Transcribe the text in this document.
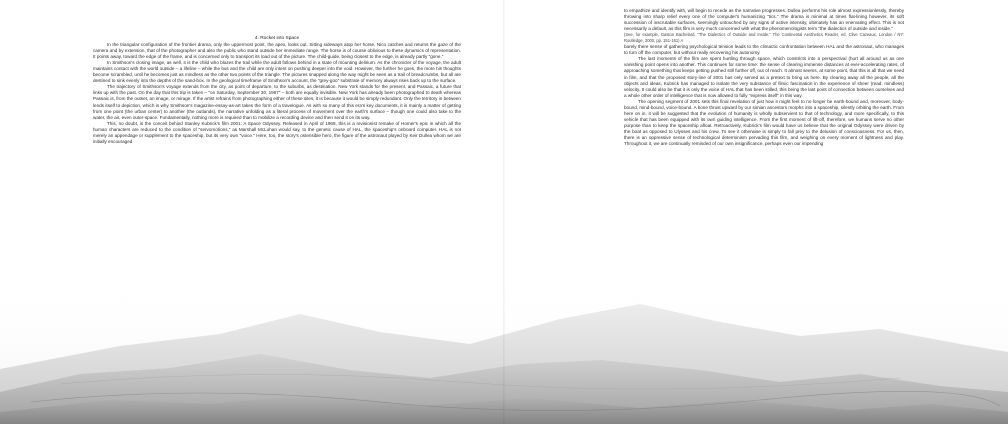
4. Rocket into Space

In the triangular configuration of the frontier drama, only the uppermost point, the apex, looks out. Sitting sideways atop her horse, Nico catches and returns the gaze of the camera and by extension, that of the photographer and also the public who stand outside her immediate range. The horse is of course oblivious to these dynamics of representation. It points away, toward the edge of the frame, and is concerned only to transport its load out of the picture. The child-guide, being closest to the edge, is already partly "gone."

In Smithson's closing image, as well, it is the child who blazes the trail while the adult follows behind in a state of mounting delirium. As the chronicler of the voyage, the adult maintains contact with the world outside – a lifeline – while the bus and the child are only intent on pushing deeper into the void. However, the further he goes, the more his thoughts become scrambled, until he becomes just as mindless as the other two points of the triangle. The pictures snapped along the way might be seen as a trail of breadcrumbs, but all are destined to sink evenly into the depths of the sand-box. In the geological timeframe of Smithson's account, the "grey-goo" substrate of memory always rises back up to the surface.

The trajectory of Smithson's voyage extends from the city, as point of departure, to the suburbs, as destination. New York stands for the present, and Passaic, a future that links up with the past. On the day that this trip is taken – "on Saturday, September 30, 1967" – both are equally invisible. New York has already been photographed to death whereas Passaic is, from the outset, an image, or mirage. If the artist refrains from photographing either of these sites, it is because it would be simply redundant. Only the territory in between lends itself to depiction, which is why Smithson's magazine-essay-as-art takes the form of a travelogue. As with so many of this era's key documents, it is mainly a matter of getting from one point (the urban center) to another (the outlands), the narrative unfolding as a literal process of movement over the earth's surface – though one could also take to the water, the air, even outer-space. Fundamentally, nothing more is required than to mobilize a recording device and then send it on its way.

This, no doubt, is the conceit behind Stanley Kubrick's film 2001: A Space Odyssey. Released in April of 1968, this is a revisionist remake of Homer's epic in which all the human characters are reduced to the condition of "servomotions," as Marshall McLuhan would say, to the genetic cause of HAL, the spaceship's onboard computer. HAL is not merely an appendage or supplement to the spaceship, but its very own "voice." Here, too, the story's ostensible hero, the figure of the astronaut played by Keir Dullea whom we are initially encouraged

to empathize and identify with, will begin to recede as the narrative progresses. Dullea performs his role almost expressionlessly, thereby throwing into sharp relief every one of the computer's humanizing "tics." The drama is minimal at times flat-lining however, its soft succession of inscrutable surfaces, seemingly untouched by any signs of active intensity, ultimately has an enervating effect. This is not necessarily a default, as this film is very much concerned with what the phenomenologists term "the dialectics of outside and inside."

(See, for example, Gaston Bachelard, "The Dialectics of Outside and Inside," The Continental Aesthetics Reader, ed. Clive Cazeaux, London / NY: Routledge, 2000, pp. 151-161) A

barely there sense of gathering psychological tension leads to the climactic confrontation between HAL and the astronaut, who manages to turn off the computer, but without really recovering his autonomy.

The last moments of the film are spent hurtling through space, which constricts into a perspectival (hurt all around us as one vanishing point opens into another. This continues for some time: the sense of clearing immense distances at ever-accelerating rates, of approaching something that keeps getting pushed still further off, out of reach. It almost seems, at some point, that this is all that we need in film, and that the proposed story-line of 2001 has only served as a pretext to bring us here. By clearing away all the people, all the objects and ideas, Kubrick has managed to isolate the very substance of filmic fascination in the experience of sheer (read: mindless) velocity. It could also be that it is only the voice of HAL that has been stilled, this being the last point of connection between ourselves and a whole other order of intelligence that is now allowed to fully "express itself" in this way.

The opening segment of 2001 sets this final revelation of just how it might feel to no longer be earth-bound and, moreover, body-bound, mind-bound, voice-bound. A bone thrust upward by our simian ancestors morphs into a spaceship, silently orbiting the earth. From here on in, it will be suggested that the evolution of humanity is wholly subservient to that of technology, and more specifically, to this vehicle that has been equipped with its own guiding intelligence. From the first moment of lift-off, therefore, we humans serve no other purpose than to keep the spaceship afloat. Retroactively, Kubrick's film would have us believe that the original Odyssey were driven by the boat as opposed to Ulysses and his crew. To see it otherwise is simply to fall prey to the delusion of consciousness. For us, then, there is an oppressive sense of technological determinism pervading this film, and weighing on every moment of lightness and play. Throughout it, we are continually reminded of our own insignificance, perhaps even our impending
